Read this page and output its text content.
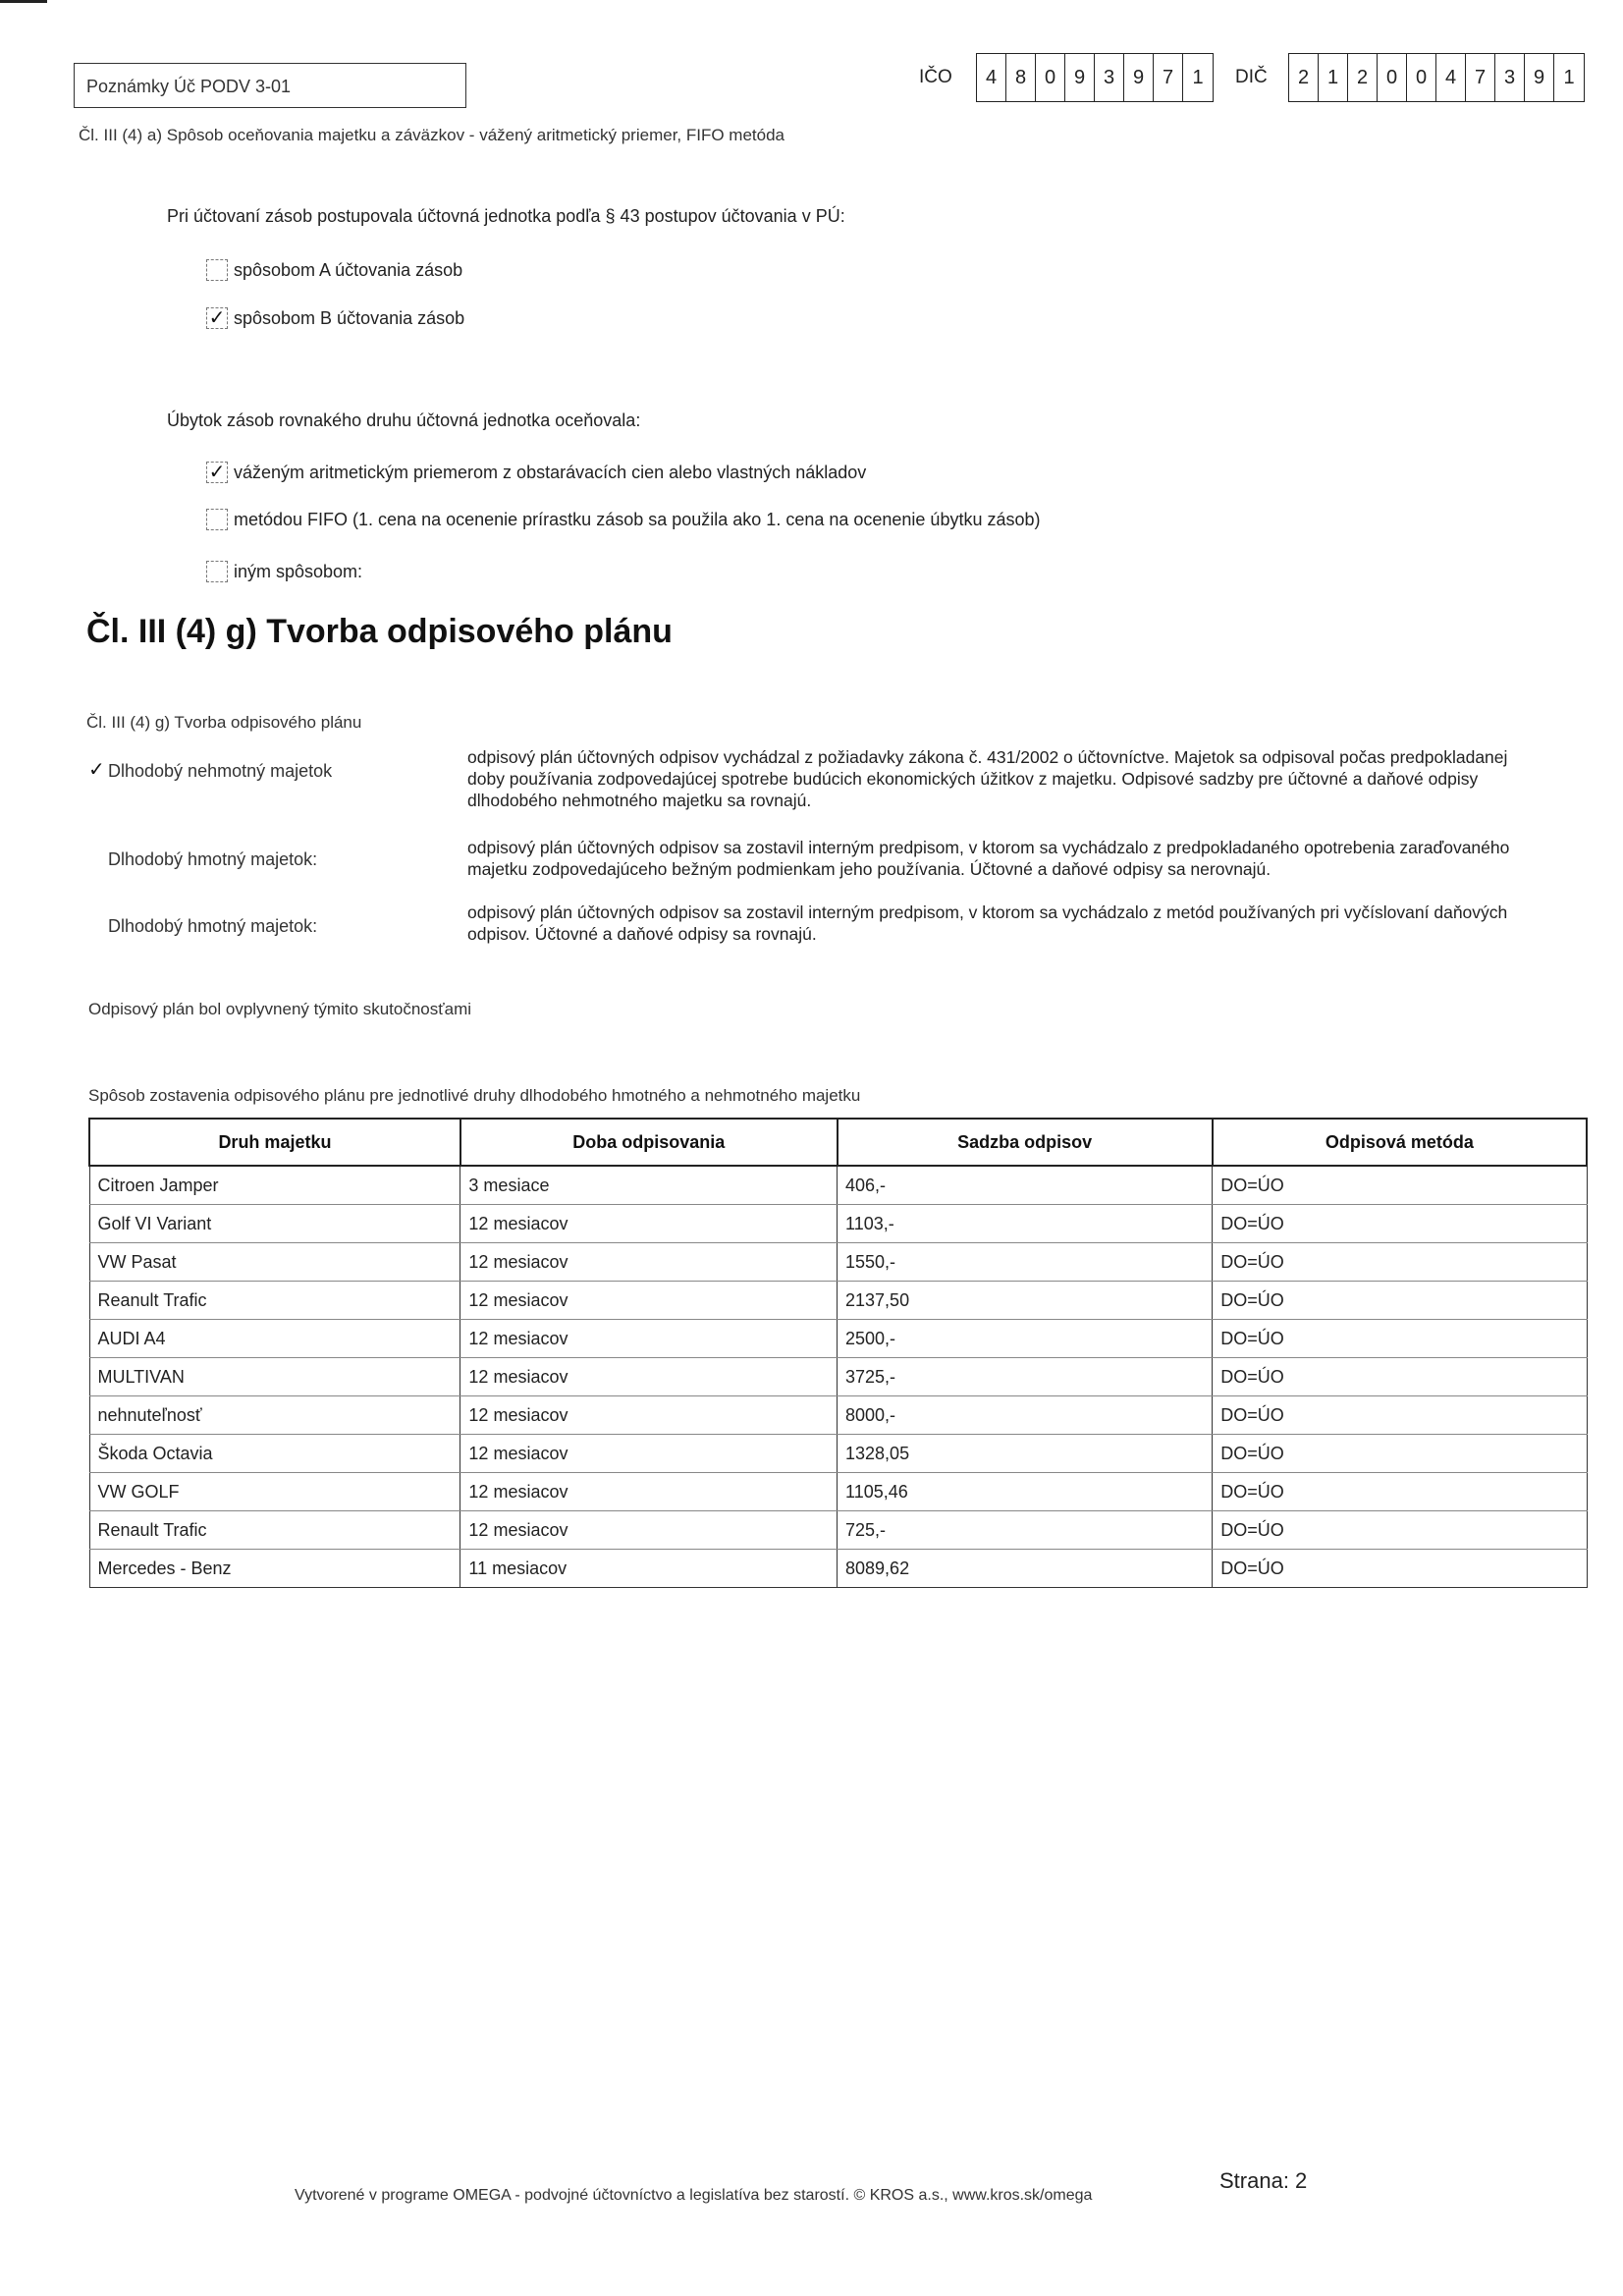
Poznámky Úč PODV 3-01	IČO	4 8 0 9 3 9 7 1	DIČ	2 1 2 0 0 4 7 3 9 1
Čl. III (4) a) Spôsob oceňovania majetku a záväzkov - vážený aritmetický priemer, FIFO metóda
Pri účtovaní zásob postupovala účtovná jednotka podľa § 43 postupov účtovania v PÚ:
spôsobom A účtovania zásob
✓ spôsobom B účtovania zásob
Úbytok zásob rovnakého druhu účtovná jednotka oceňovala:
✓ váženým aritmetickým priemerom z obstarávacích cien alebo vlastných nákladov
metódou FIFO (1. cena na ocenenie prírastku zásob sa použila ako 1. cena na ocenenie úbytku zásob)
iným spôsobom:
Čl. III (4) g) Tvorba odpisového plánu
Čl. III (4) g) Tvorba odpisového plánu
✓ Dlhodobý nehmotný majetok
odpisový plán účtovných odpisov vychádzal z požiadavky zákona č. 431/2002 o účtovníctve. Majetok sa odpisoval počas predpokladanej doby používania zodpovedajúcej spotrebe budúcich ekonomických úžitkov z majetku. Odpisové sadzby pre účtovné a daňové odpisy dlhodobého nehmotného majetku sa rovnajú.
Dlhodobý hmotný majetok:
odpisový plán účtovných odpisov sa zostavil interným predpisom, v ktorom sa vychádzalo z predpokladaného opotrebenia zaraďovaného majetku zodpovedajúceho bežným podmienkam jeho používania. Účtovné a daňové odpisy sa nerovnajú.
Dlhodobý hmotný majetok:
odpisový plán účtovných odpisov sa zostavil interným predpisom, v ktorom sa vychádzalo z metód používaných pri vyčíslovaní daňových odpisov. Účtovné a daňové odpisy sa rovnajú.
Odpisový plán bol ovplyvnený týmito skutočnosťami
Spôsob zostavenia odpisového plánu pre jednotlivé druhy dlhodobého hmotného a nehmotného majetku
Druh majetku	Doba odpisovania	Sadzba odpisov	Odpisová metóda
Citroen Jamper	3 mesiace	406,-	DO=ÚO
Golf VI Variant	12 mesiacov	1103,-	DO=ÚO
VW Pasat	12 mesiacov	1550,-	DO=ÚO
Reanult Trafic	12 mesiacov	2137,50	DO=ÚO
AUDI A4	12 mesiacov	2500,-	DO=ÚO
MULTIVAN	12 mesiacov	3725,-	DO=ÚO
nehnuteľnosť	12 mesiacov	8000,-	DO=ÚO
Škoda Octavia	12 mesiacov	1328,05	DO=ÚO
VW GOLF	12 mesiacov	1105,46	DO=ÚO
Renault Trafic	12 mesiacov	725,-	DO=ÚO
Mercedes - Benz	11 mesiacov	8089,62	DO=ÚO
Vytvorené v programe OMEGA - podvojné účtovníctvo a legislatíva bez starostí. © KROS a.s., www.kros.sk/omega
Strana: 2
